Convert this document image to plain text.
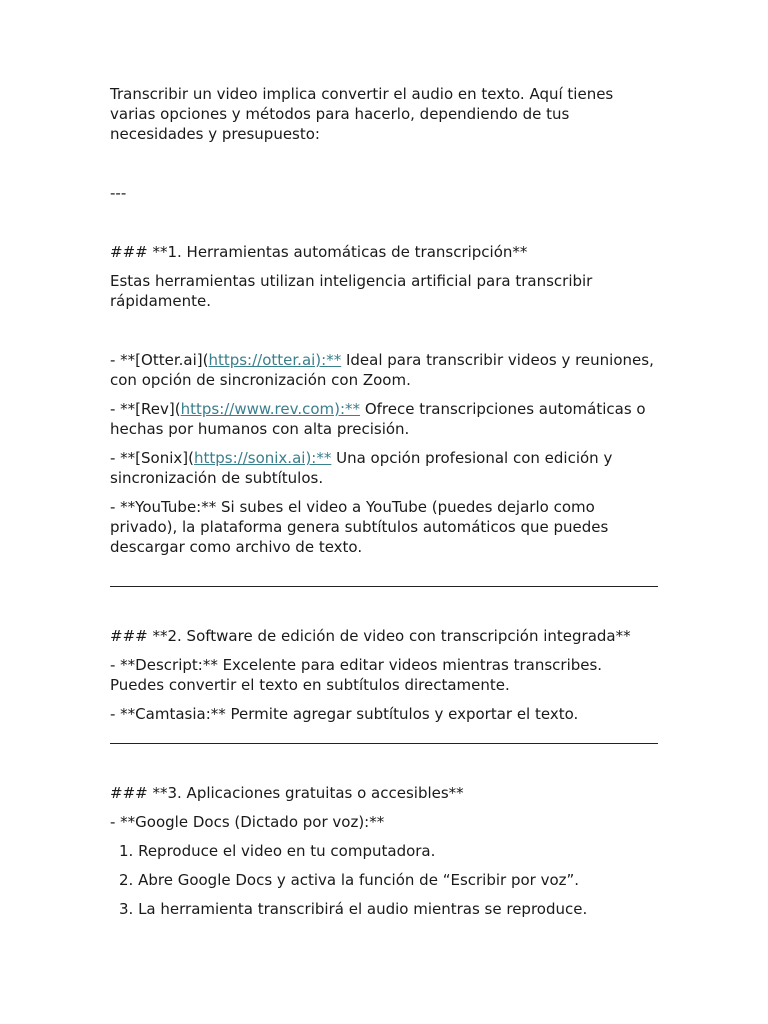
Transcribir un video implica convertir el audio en texto. Aquí tienes varias opciones y métodos para hacerlo, dependiendo de tus necesidades y presupuesto:

---

### **1. Herramientas automáticas de transcripción**

Estas herramientas utilizan inteligencia artificial para transcribir rápidamente.

- **[Otter.ai](https://otter.ai):** Ideal para transcribir videos y reuniones, con opción de sincronización con Zoom.

- **[Rev](https://www.rev.com):** Ofrece transcripciones automáticas o hechas por humanos con alta precisión.

- **[Sonix](https://sonix.ai):** Una opción profesional con edición y sincronización de subtítulos.

- **YouTube:** Si subes el video a YouTube (puedes dejarlo como privado), la plataforma genera subtítulos automáticos que puedes descargar como archivo de texto.

### **2. Software de edición de video con transcripción integrada**

- **Descript:** Excelente para editar videos mientras transcribes. Puedes convertir el texto en subtítulos directamente.

- **Camtasia:** Permite agregar subtítulos y exportar el texto.

### **3. Aplicaciones gratuitas o accesibles**

- **Google Docs (Dictado por voz):**

1. Reproduce el video en tu computadora.

2. Abre Google Docs y activa la función de “Escribir por voz”.

3. La herramienta transcribirá el audio mientras se reproduce.
